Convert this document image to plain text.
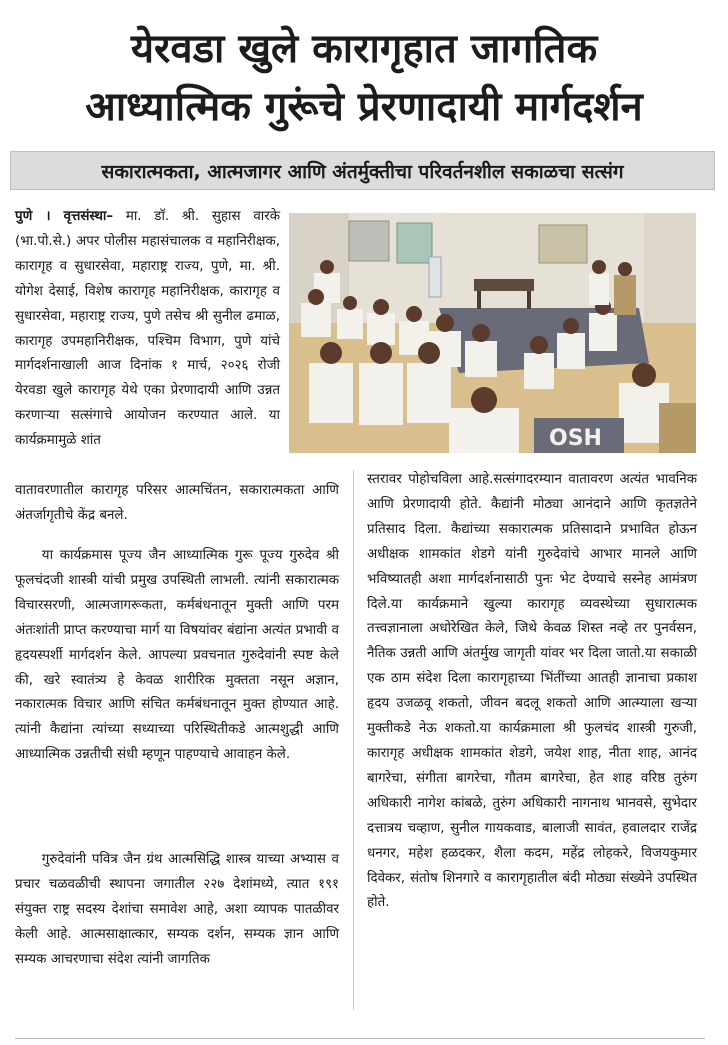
येरवडा खुले कारागृहात जागतिक
आध्यात्मिक गुरूंचे प्रेरणादायी मार्गदर्शन
सकारात्मकता, आत्मजागर आणि अंतर्मुक्तीचा परिवर्तनशील सकाळचा सत्संग

पुणे । वृत्तसंस्था– मा. डॉ. श्री. सुहास वारके (भा.पो.से.) अपर पोलीस महासंचालक व महानिरीक्षक, कारागृह व सुधारसेवा, महाराष्ट्र राज्य, पुणे, मा. श्री. योगेश देसाई, विशेष कारागृह महानिरीक्षक, कारागृह व सुधारसेवा, महाराष्ट्र राज्य, पुणे तसेच श्री सुनील ढमाळ, कारागृह उपमहानिरीक्षक, पश्चिम विभाग, पुणे यांचे मार्गदर्शनाखाली आज दिनांक १ मार्च, २०२६ रोजी येरवडा खुले कारागृह येथे एका प्रेरणादायी आणि उन्नत करणाऱ्या सत्संगाचे आयोजन करण्यात आले. या कार्यक्रमामुळे शांत

वातावरणातील कारागृह परिसर आत्मचिंतन, सकारात्मकता आणि अंतर्जागृतीचे केंद्र बनले.

या कार्यक्रमास पूज्य जैन आध्यात्मिक गुरू पूज्य गुरुदेव श्री फूलचंदजी शास्त्री यांची प्रमुख उपस्थिती लाभली. त्यांनी सकारात्मक विचारसरणी, आत्मजागरूकता, कर्मबंधनातून मुक्ती आणि परम अंतःशांती प्राप्त करण्याचा मार्ग या विषयांवर बंद्यांना अत्यंत प्रभावी व हृदयस्पर्शी मार्गदर्शन केले. आपल्या प्रवचनात गुरुदेवांनी स्पष्ट केले की, खरे स्वातंत्र्य हे केवळ शारीरिक मुक्तता नसून अज्ञान, नकारात्मक विचार आणि संचित कर्मबंधनातून मुक्त होण्यात आहे. त्यांनी कैद्यांना त्यांच्या सध्याच्या परिस्थितीकडे आत्मशुद्धी आणि आध्यात्मिक उन्नतीची संधी म्हणून पाहण्याचे आवाहन केले.

गुरुदेवांनी पवित्र जैन ग्रंथ आत्मसिद्धि शास्त्र याच्या अभ्यास व प्रचार चळवळीची स्थापना जगातील २२७ देशांमध्ये, त्यात १९१ संयुक्त राष्ट्र सदस्य देशांचा समावेश आहे, अशा व्यापक पातळीवर केली आहे. आत्मसाक्षात्कार, सम्यक दर्शन, सम्यक ज्ञान आणि सम्यक आचरणाचा संदेश त्यांनी जागतिक

स्तरावर पोहोचविला आहे.सत्संगादरम्यान वातावरण अत्यंत भावनिक आणि प्रेरणादायी होते. कैद्यांनी मोठ्या आनंदाने आणि कृतज्ञतेने प्रतिसाद दिला. कैद्यांच्या सकारात्मक प्रतिसादाने प्रभावित होऊन अधीक्षक शामकांत शेडगे यांनी गुरुदेवांचे आभार मानले आणि भविष्यातही अशा मार्गदर्शनासाठी पुनः भेट देण्याचे सस्नेह आमंत्रण दिले.या कार्यक्रमाने खुल्या कारागृह व्यवस्थेच्या सुधारात्मक तत्त्वज्ञानाला अधोरेखित केले, जिथे केवळ शिस्त नव्हे तर पुनर्वसन, नैतिक उन्नती आणि अंतर्मुख जागृती यांवर भर दिला जातो.या सकाळी एक ठाम संदेश दिला कारागृहाच्या भिंतींच्या आतही ज्ञानाचा प्रकाश हृदय उजळवू शकतो, जीवन बदलू शकतो आणि आत्म्याला खऱ्या मुक्तीकडे नेऊ शकतो.या कार्यक्रमाला श्री फुलचंद शास्त्री गुरुजी, कारागृह अधीक्षक शामकांत शेडगे, जयेश शाह, नीता शाह, आनंद बागरेचा, संगीता बागरेचा, गौतम बागरेचा, हेत शाह वरिष्ठ तुरुंग अधिकारी नागेश कांबळे, तुरुंग अधिकारी नागनाथ भानवसे, सुभेदार दत्तात्रय चव्हाण, सुनील गायकवाड, बालाजी सावंत, हवालदार राजेंद्र धनगर, महेश हळदकर, शैला कदम, महेंद्र लोहकरे, विजयकुमार दिवेकर, संतोष शिनगारे व कारागृहातील बंदी मोठ्या संख्येने उपस्थित होते.

OSH
